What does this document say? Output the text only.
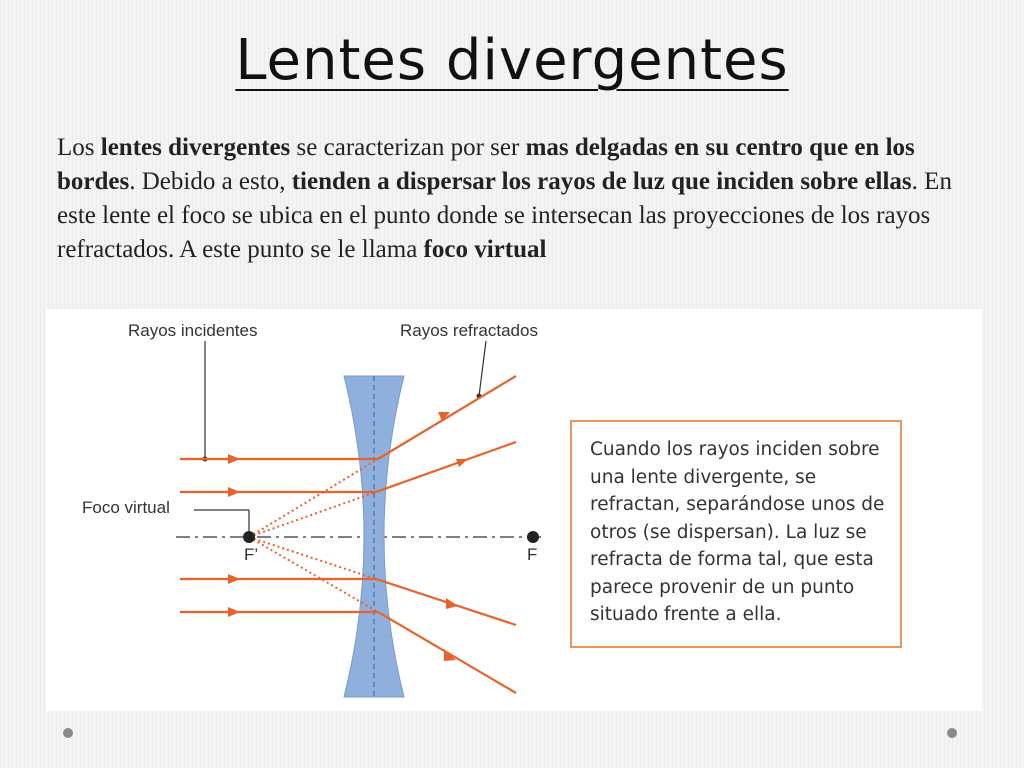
Lentes divergentes
Los lentes divergentes se caracterizan por ser mas delgadas en su centro que en los bordes. Debido a esto, tienden a dispersar los rayos de luz que inciden sobre ellas. En este lente el foco se ubica en el punto donde se intersecan las proyecciones de los rayos refractados. A este punto se le llama foco virtual
Rayos incidentes	Rayos refractados
Foco virtual
F’	F
Cuando los rayos inciden sobre una lente divergente, se refractan, separándose unos de otros (se dispersan). La luz se refracta de forma tal, que esta parece provenir de un punto situado frente a ella.
